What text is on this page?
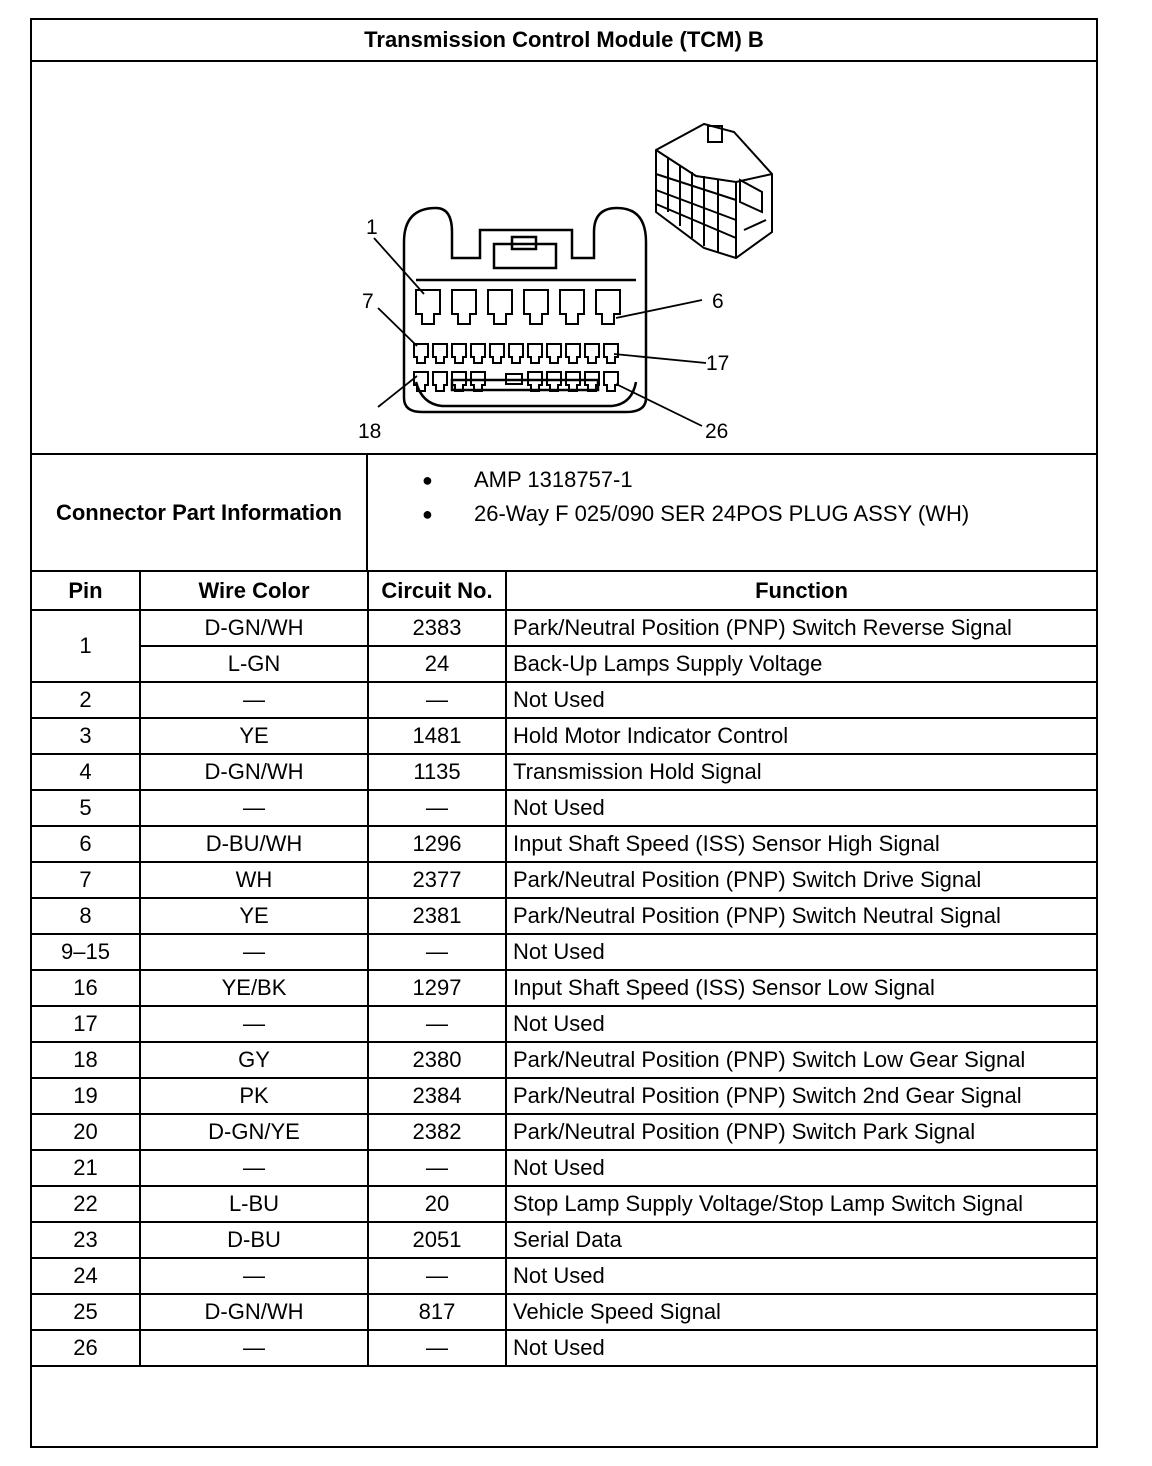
Transmission Control Module (TCM) B
1
6
7
17
18	26
Connector Part Information
● AMP 1318757-1
● 26-Way F 025/090 SER 24POS PLUG ASSY (WH)
Pin	Wire Color	Circuit No.	Function
1	D-GN/WH	2383	Park/Neutral Position (PNP) Switch Reverse Signal
	L-GN	24	Back-Up Lamps Supply Voltage
2	—	—	Not Used
3	YE	1481	Hold Motor Indicator Control
4	D-GN/WH	1135	Transmission Hold Signal
5	—	—	Not Used
6	D-BU/WH	1296	Input Shaft Speed (ISS) Sensor High Signal
7	WH	2377	Park/Neutral Position (PNP) Switch Drive Signal
8	YE	2381	Park/Neutral Position (PNP) Switch Neutral Signal
9–15	—	—	Not Used
16	YE/BK	1297	Input Shaft Speed (ISS) Sensor Low Signal
17	—	—	Not Used
18	GY	2380	Park/Neutral Position (PNP) Switch Low Gear Signal
19	PK	2384	Park/Neutral Position (PNP) Switch 2nd Gear Signal
20	D-GN/YE	2382	Park/Neutral Position (PNP) Switch Park Signal
21	—	—	Not Used
22	L-BU	20	Stop Lamp Supply Voltage/Stop Lamp Switch Signal
23	D-BU	2051	Serial Data
24	—	—	Not Used
25	D-GN/WH	817	Vehicle Speed Signal
26	—	—	Not Used
